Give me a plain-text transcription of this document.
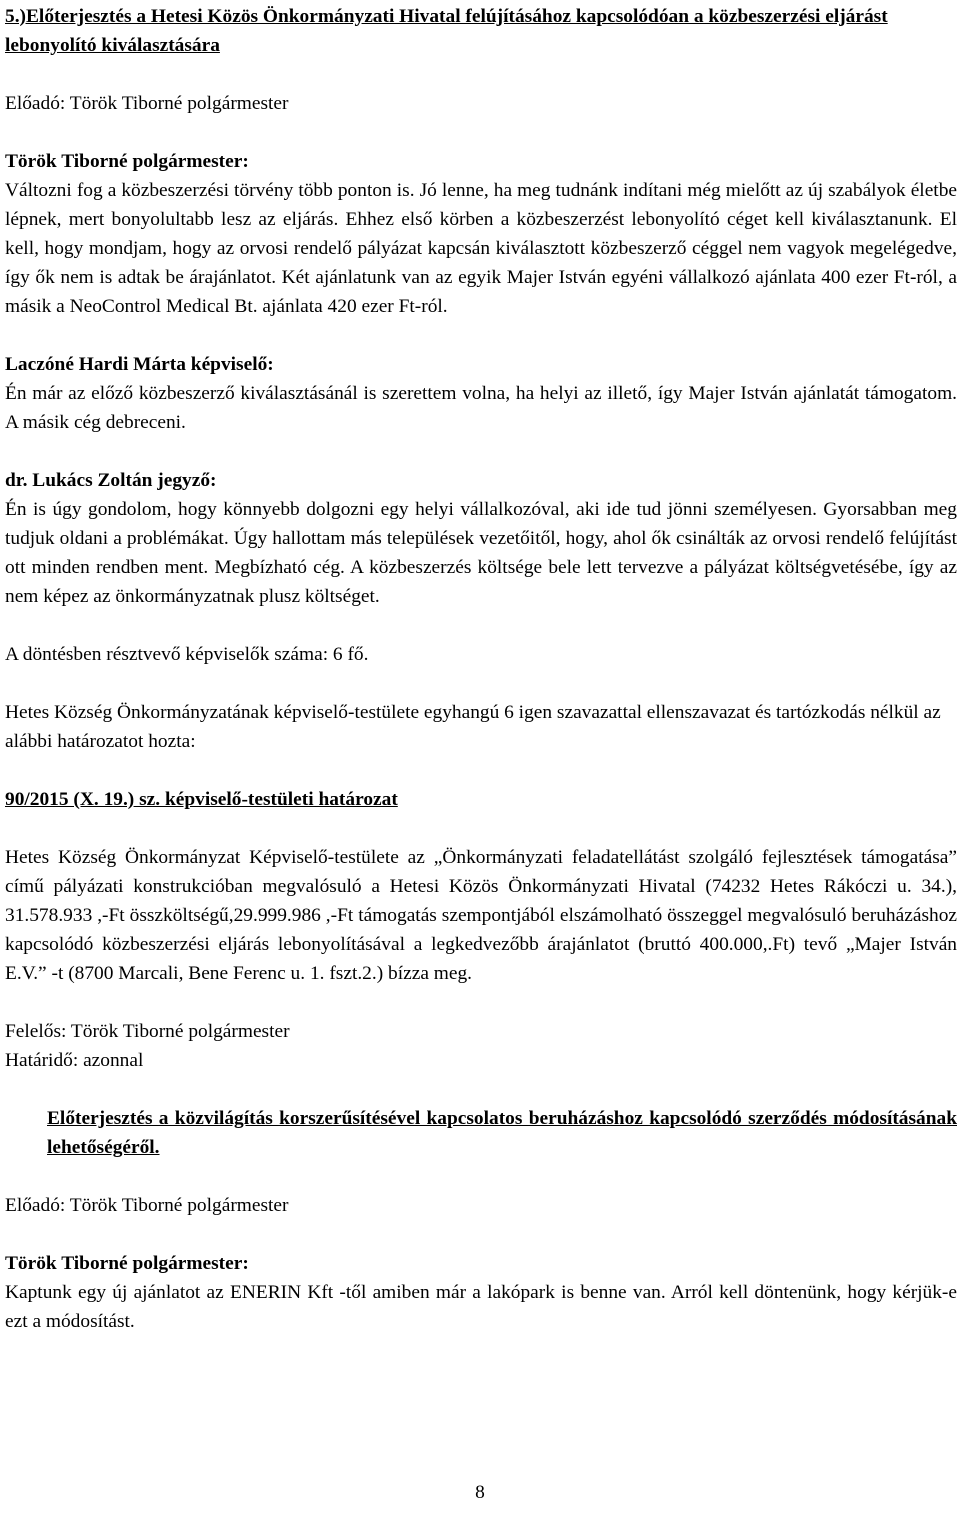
5.)Előterjesztés a Hetesi Közös Önkormányzati Hivatal felújításához kapcsolódóan a közbeszerzési eljárást lebonyolító kiválasztására

Előadó: Török Tiborné polgármester

Török Tiborné polgármester:

Változni fog a közbeszerzési törvény több ponton is. Jó lenne, ha meg tudnánk indítani még mielőtt az új szabályok életbe lépnek, mert bonyolultabb lesz az eljárás. Ehhez első körben a közbeszerzést lebonyolító céget kell kiválasztanunk. El kell, hogy mondjam, hogy az orvosi rendelő pályázat kapcsán kiválasztott közbeszerző céggel nem vagyok megelégedve, így ők nem is adtak be árajánlatot. Két ajánlatunk van az egyik Majer István egyéni vállalkozó ajánlata 400 ezer Ft-ról, a másik a NeoControl Medical Bt. ajánlata 420 ezer Ft-ról.

Laczóné Hardi Márta képviselő:

Én már az előző közbeszerző kiválasztásánál is szerettem volna, ha helyi az illető, így Majer István ajánlatát támogatom. A másik cég debreceni.

dr. Lukács Zoltán jegyző:

Én is úgy gondolom, hogy könnyebb dolgozni egy helyi vállalkozóval, aki ide tud jönni személyesen. Gyorsabban meg tudjuk oldani a problémákat. Úgy hallottam más települések vezetőitől, hogy, ahol ők csinálták az orvosi rendelő felújítást ott minden rendben ment. Megbízható cég. A közbeszerzés költsége bele lett tervezve a pályázat költségvetésébe, így az nem képez az önkormányzatnak plusz költséget.

A döntésben résztvevő képviselők száma: 6 fő.

Hetes Község Önkormányzatának képviselő-testülete egyhangú 6 igen szavazattal ellenszavazat és tartózkodás nélkül az alábbi határozatot hozta:

90/2015 (X. 19.) sz. képviselő-testületi határozat

Hetes Község Önkormányzat Képviselő-testülete az „Önkormányzati feladatellátást szolgáló fejlesztések támogatása” című pályázati konstrukcióban megvalósuló a Hetesi Közös Önkormányzati Hivatal (74232 Hetes Rákóczi u. 34.), 31.578.933 ,-Ft összköltségű,29.999.986 ,-Ft támogatás szempontjából elszámolható összeggel megvalósuló beruházáshoz kapcsolódó közbeszerzési eljárás lebonyolításával a legkedvezőbb árajánlatot (bruttó 400.000,.Ft) tevő „Majer István E.V.” -t (8700 Marcali, Bene Ferenc u. 1. fszt.2.) bízza meg.

Felelős: Török Tiborné polgármester

Határidő: azonnal

Előterjesztés a közvilágítás korszerűsítésével kapcsolatos beruházáshoz kapcsolódó szerződés módosításának lehetőségéről.

Előadó: Török Tiborné polgármester

Török Tiborné polgármester:

Kaptunk egy új ajánlatot az ENERIN Kft -től amiben már a lakópark is benne van. Arról kell döntenünk, hogy kérjük-e ezt a módosítást.

8
